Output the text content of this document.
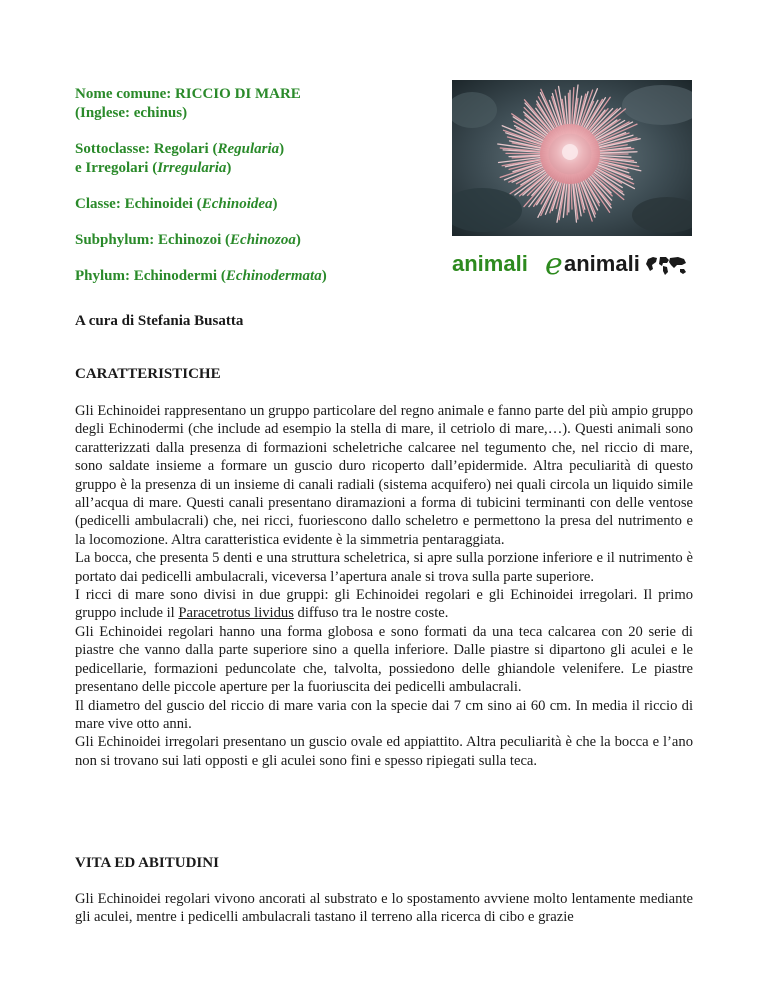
Nome comune: RICCIO DI MARE
(Inglese: echinus)

Sottoclasse: Regolari (Regularia)
e Irregolari (Irregularia)

Classe: Echinoidei (Echinoidea)

Subphylum: Echinozoi (Echinozoa)

Phylum: Echinodermi (Echinodermata)	animali e animali
A cura di Stefania Busatta
CARATTERISTICHE

Gli Echinoidei rappresentano un gruppo particolare del regno animale e fanno parte del più ampio gruppo degli Echinodermi (che include ad esempio la stella di mare, il cetriolo di mare,…). Questi animali sono caratterizzati dalla presenza di formazioni scheletriche calcaree nel tegumento che, nel riccio di mare, sono saldate insieme a formare un guscio duro ricoperto dall’epidermide. Altra peculiarità di questo gruppo è la presenza di un insieme di canali radiali (sistema acquifero) nei quali circola un liquido simile all’acqua di mare. Questi canali presentano diramazioni a forma di tubicini terminanti con delle ventose (pedicelli ambulacrali) che, nei ricci, fuoriescono dallo scheletro e permettono la presa del nutrimento e la locomozione. Altra caratteristica evidente è la simmetria pentaraggiata.

La bocca, che presenta 5 denti e una struttura scheletrica, si apre sulla porzione inferiore e il nutrimento è portato dai pedicelli ambulacrali, viceversa l’apertura anale si trova sulla parte superiore.

I ricci di mare sono divisi in due gruppi: gli Echinoidei regolari e gli Echinoidei irregolari. Il primo gruppo include il Paracetrotus lividus diffuso tra le nostre coste.

Gli Echinoidei regolari hanno una forma globosa e sono formati da una teca calcarea con 20 serie di piastre che vanno dalla parte superiore sino a quella inferiore. Dalle piastre si dipartono gli aculei e le pedicellarie, formazioni peduncolate che, talvolta, possiedono delle ghiandole velenifere. Le piastre presentano delle piccole aperture per la fuoriuscita dei pedicelli ambulacrali.

Il diametro del guscio del riccio di mare varia con la specie dai 7 cm sino ai 60 cm. In media il riccio di mare vive otto anni.

Gli Echinoidei irregolari presentano un guscio ovale ed appiattito. Altra peculiarità è che la bocca e l’ano non si trovano sui lati opposti e gli aculei sono fini e spesso ripiegati sulla teca.

VITA ED ABITUDINI

Gli Echinoidei regolari vivono ancorati al substrato e lo spostamento avviene molto lentamente mediante gli aculei, mentre i pedicelli ambulacrali tastano il terreno alla ricerca di cibo e grazie
